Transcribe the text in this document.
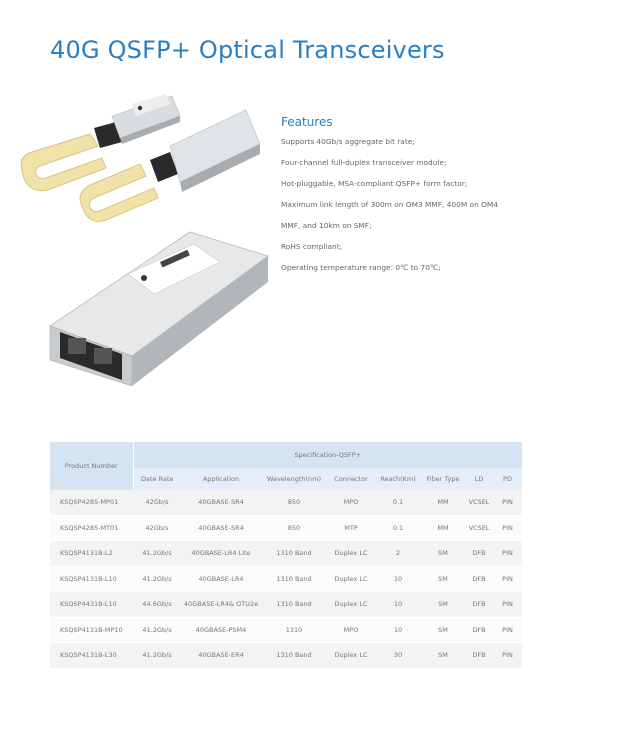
40G QSFP+ Optical Transceivers
Features
Supports 40Gb/s aggregate bit rate;
Four-channel full-duplex transceiver module;
Hot-pluggable, MSA-compliant QSFP+ form factor;
Maximum link length of 300m on OM3 MMF, 400M on OM4
MMF, and 10km on SMF;
RoHS compliant;
Operating temperature range: 0℃ to 70℃;
Product Number	Specification-QSFP+							
	Date Rate	Application	Wavelength(nm)	Connector	Reach(Km)	Fiber Type	LD	PD
KSQSP4285-MP01	42Gb/s	40GBASE-SR4	850	MPO	0.1	MM	VCSEL	PIN
KSQSP4285-MT01	42Gb/s	40GBASE-SR4	850	MTP	0.1	MM	VCSEL	PIN
KSQSP4131B-L2	41.2Gb/s	40GBASE-LR4 Lite	1310 Band	Duplex LC	2	SM	DFB	PIN
KSQSP4131B-L10	41.2Gb/s	40GBASE-LR4	1310 Band	Duplex LC	10	SM	DFB	PIN
KSQSP4431B-L10	44.6Gb/s	40GBASE-LR4& OTU2e	1310 Band	Duplex LC	10	SM	DFB	PIN
KSQSP4131B-MP10	41.2Gb/s	40GBASE-PSM4	1310	MPO	10	SM	DFB	PIN
KSQSP4131B-L30	41.2Gb/s	40GBASE-ER4	1310 Band	Duplex LC	30	SM	DFB	PIN
